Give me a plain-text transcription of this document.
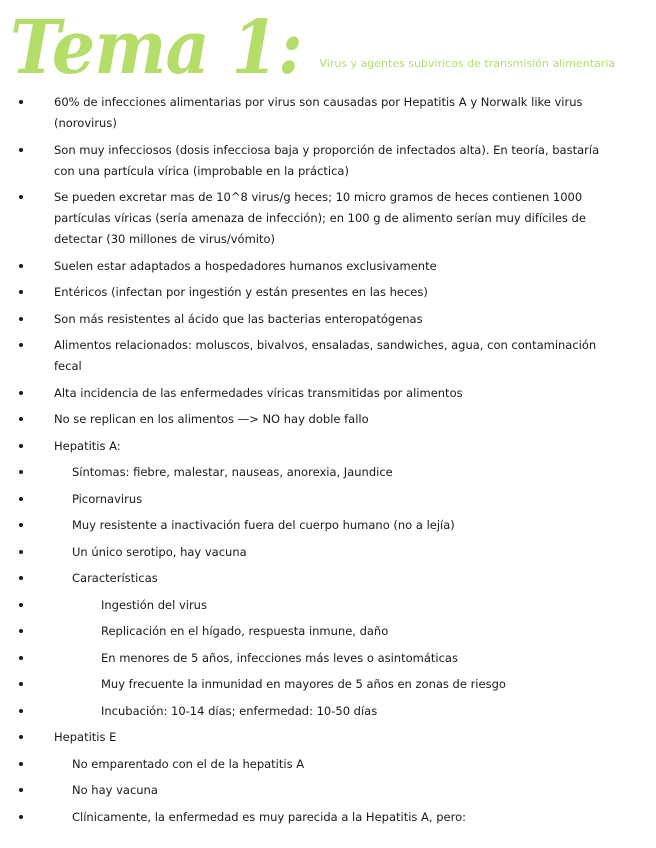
Tema 1: Virus y agentes subviricos de transmisión alimentaria
60% de infecciones alimentarias por virus son causadas por Hepatitis A y Norwalk like virus (norovirus)
Son muy infecciosos (dosis infecciosa baja y proporción de infectados alta). En teoría, bastaría con una partícula vírica (improbable en la práctica)
Se pueden excretar mas de 10^8 virus/g heces; 10 micro gramos de heces contienen 1000 partículas víricas (sería amenaza de infección); en 100 g de alimento serían muy difíciles de detectar (30 millones de virus/vómito)
Suelen estar adaptados a hospedadores humanos exclusivamente
Entéricos (infectan por ingestión y están presentes en las heces)
Son más resistentes al ácido que las bacterias enteropatógenas
Alimentos relacionados: moluscos, bivalvos, ensaladas, sandwiches, agua, con contaminación fecal
Alta incidencia de las enfermedades víricas transmitidas por alimentos
No se replican en los alimentos —> NO hay doble fallo
Hepatitis A:
Síntomas: fiebre, malestar, nauseas, anorexia, Jaundice
Picornavirus
Muy resistente a inactivación fuera del cuerpo humano (no a lejía)
Un único serotipo, hay vacuna
Características
Ingestión del virus
Replicación en el hígado, respuesta inmune, daño
En menores de 5 años, infecciones más leves o asintomáticas
Muy frecuente la inmunidad en mayores de 5 años en zonas de riesgo
Incubación: 10-14 días; enfermedad: 10-50 días
Hepatitis E
No emparentado con el de la hepatitis A
No hay vacuna
Clínicamente, la enfermedad es muy parecida a la Hepatitis A, pero:
